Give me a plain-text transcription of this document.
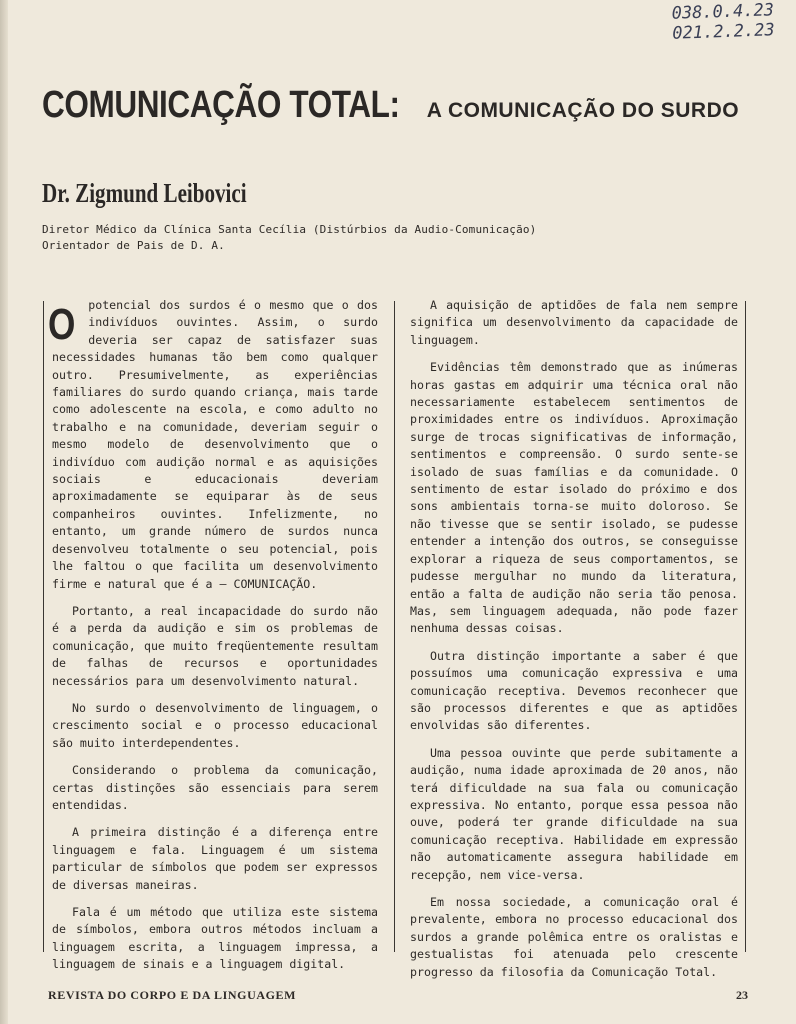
038.0.4.23
021.2.2.23
COMUNICAÇÃO TOTAL: A COMUNICAÇÃO DO SURDO
Dr. Zigmund Leibovici
Diretor Médico da Clínica Santa Cecília (Distúrbios da Audio-Comunicação)
Orientador de Pais de D. A.

O potencial dos surdos é o mesmo que o dos indivíduos ouvintes. Assim, o surdo deveria ser capaz de satisfazer suas necessidades humanas tão bem como qualquer outro. Presumivelmente, as experiências familiares do surdo quando criança, mais tarde como adolescente na escola, e como adulto no trabalho e na comunidade, deveriam seguir o mesmo modelo de desenvolvimento que o indivíduo com audição normal e as aquisições sociais e educacionais deveriam aproximadamente se equiparar às de seus companheiros ouvintes. Infelizmente, no entanto, um grande número de surdos nunca desenvolveu totalmente o seu potencial, pois lhe faltou o que facilita um desenvolvimento firme e natural que é a — COMUNICAÇÃO.

Portanto, a real incapacidade do surdo não é a perda da audição e sim os problemas de comunicação, que muito freqüentemente resultam de falhas de recursos e oportunidades necessários para um desenvolvimento natural.

No surdo o desenvolvimento de linguagem, o crescimento social e o processo educacional são muito interdependentes.

Considerando o problema da comunicação, certas distinções são essenciais para serem entendidas.

A primeira distinção é a diferença entre linguagem e fala. Linguagem é um sistema particular de símbolos que podem ser expressos de diversas maneiras.

Fala é um método que utiliza este sistema de símbolos, embora outros métodos incluam a linguagem escrita, a linguagem impressa, a linguagem de sinais e a linguagem digital.

A aquisição de aptidões de fala nem sempre significa um desenvolvimento da capacidade de linguagem.

Evidências têm demonstrado que as inúmeras horas gastas em adquirir uma técnica oral não necessariamente estabelecem sentimentos de proximidades entre os indivíduos. Aproximação surge de trocas significativas de informação, sentimentos e compreensão. O surdo sente-se isolado de suas famílias e da comunidade. O sentimento de estar isolado do próximo e dos sons ambientais torna-se muito doloroso. Se não tivesse que se sentir isolado, se pudesse entender a intenção dos outros, se conseguisse explorar a riqueza de seus comportamentos, se pudesse mergulhar no mundo da literatura, então a falta de audição não seria tão penosa. Mas, sem linguagem adequada, não pode fazer nenhuma dessas coisas.

Outra distinção importante a saber é que possuímos uma comunicação expressiva e uma comunicação receptiva. Devemos reconhecer que são processos diferentes e que as aptidões envolvidas são diferentes.

Uma pessoa ouvinte que perde subitamente a audição, numa idade aproximada de 20 anos, não terá dificuldade na sua fala ou comunicação expressiva. No entanto, porque essa pessoa não ouve, poderá ter grande dificuldade na sua comunicação receptiva. Habilidade em expressão não automaticamente assegura habilidade em recepção, nem vice-versa.

Em nossa sociedade, a comunicação oral é prevalente, embora no processo educacional dos surdos a grande polêmica entre os oralistas e gestualistas foi atenuada pelo crescente progresso da filosofia da Comunicação Total.

REVISTA DO CORPO E DA LINGUAGEM	23
